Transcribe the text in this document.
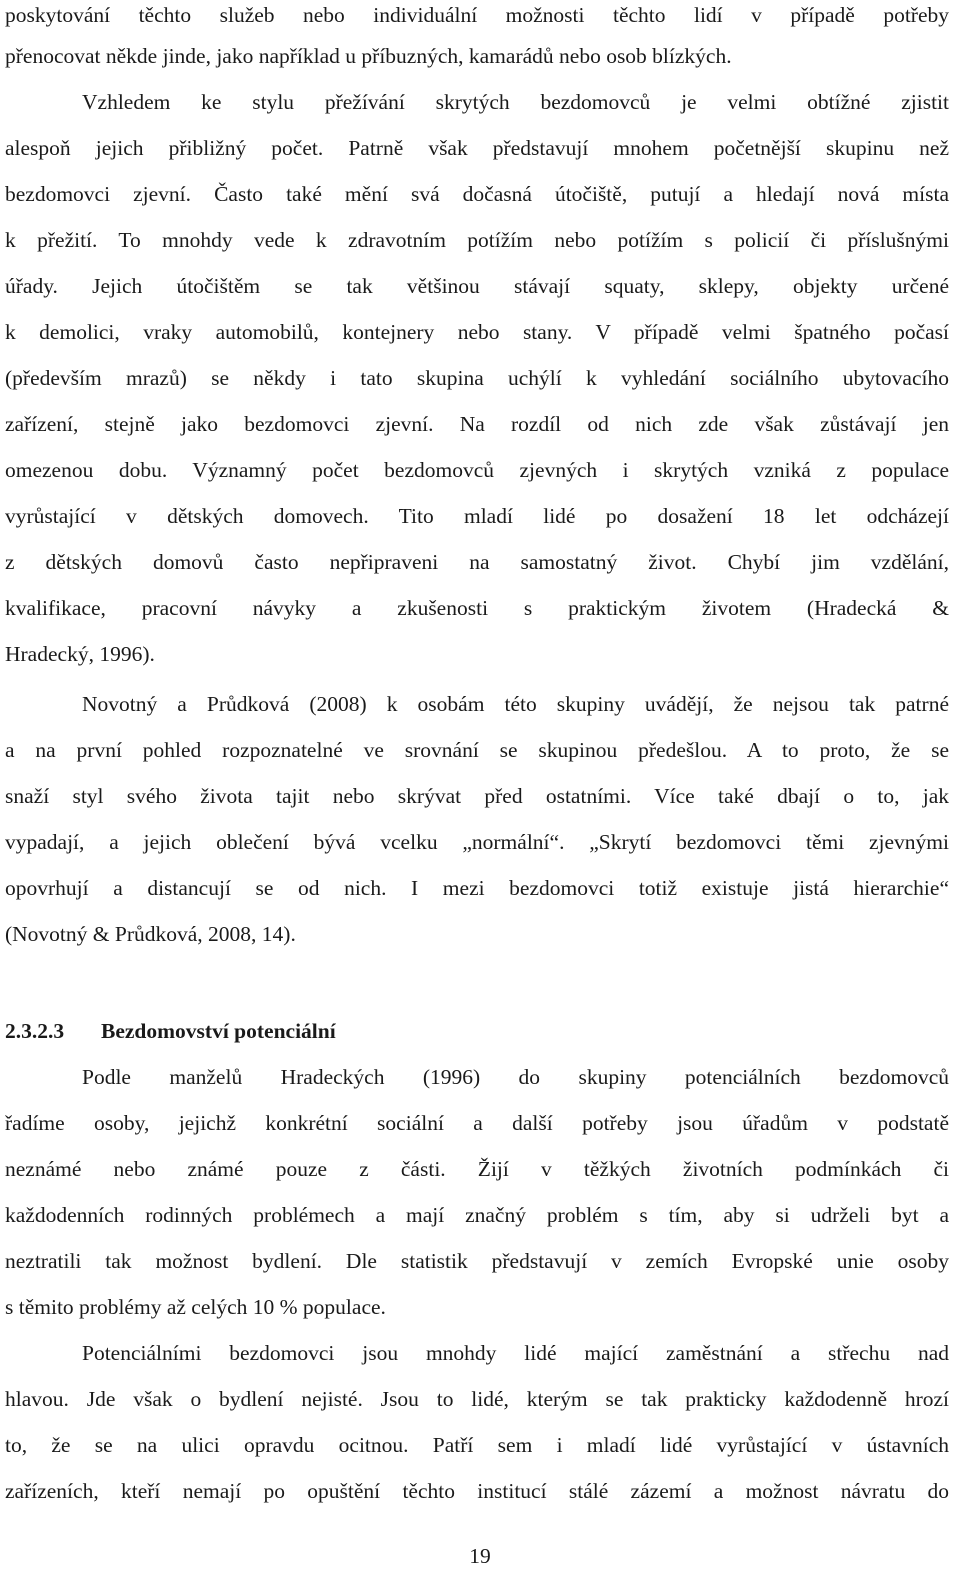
poskytování těchto služeb nebo individuální možnosti těchto lidí v případě potřeby
přenocovat někde jinde, jako například u příbuzných, kamarádů nebo osob blízkých.
Vzhledem ke stylu přežívání skrytých bezdomovců je velmi obtížné zjistit
alespoň jejich přibližný počet. Patrně však představují mnohem početnější skupinu než
bezdomovci zjevní. Často také mění svá dočasná útočiště, putují a hledají nová místa
k přežití. To mnohdy vede k zdravotním potížím nebo potížím s policií či příslušnými
úřady. Jejich útočištěm se tak většinou stávají squaty, sklepy, objekty určené
k demolici, vraky automobilů, kontejnery nebo stany. V případě velmi špatného počasí
(především mrazů) se někdy i tato skupina uchýlí k vyhledání sociálního ubytovacího
zařízení, stejně jako bezdomovci zjevní. Na rozdíl od nich zde však zůstávají jen
omezenou dobu. Významný počet bezdomovců zjevných i skrytých vzniká z populace
vyrůstající v dětských domovech. Tito mladí lidé po dosažení 18 let odcházejí
z dětských domovů často nepřipraveni na samostatný život. Chybí jim vzdělání,
kvalifikace, pracovní návyky a zkušenosti s praktickým životem (Hradecká &
Hradecký, 1996).
Novotný a Průdková (2008) k osobám této skupiny uvádějí, že nejsou tak patrné
a na první pohled rozpoznatelné ve srovnání se skupinou předešlou. A to proto, že se
snaží styl svého života tajit nebo skrývat před ostatními. Více také dbají o to, jak
vypadají, a jejich oblečení bývá vcelku „normální“. „Skrytí bezdomovci těmi zjevnými
opovrhují a distancují se od nich. I mezi bezdomovci totiž existuje jistá hierarchie“
(Novotný & Průdková, 2008, 14).
2.3.2.3 Bezdomovství potenciální
Podle manželů Hradeckých (1996) do skupiny potenciálních bezdomovců
řadíme osoby, jejichž konkrétní sociální a další potřeby jsou úřadům v podstatě
neznámé nebo známé pouze z části. Žijí v těžkých životních podmínkách či
každodenních rodinných problémech a mají značný problém s tím, aby si udrželi byt a
neztratili tak možnost bydlení. Dle statistik představují v zemích Evropské unie osoby
s těmito problémy až celých 10 % populace.
Potenciálními bezdomovci jsou mnohdy lidé mající zaměstnání a střechu nad
hlavou. Jde však o bydlení nejisté. Jsou to lidé, kterým se tak prakticky každodenně hrozí
to, že se na ulici opravdu ocitnou. Patří sem i mladí lidé vyrůstající v ústavních
zařízeních, kteří nemají po opuštění těchto institucí stálé zázemí a možnost návratu do
19
